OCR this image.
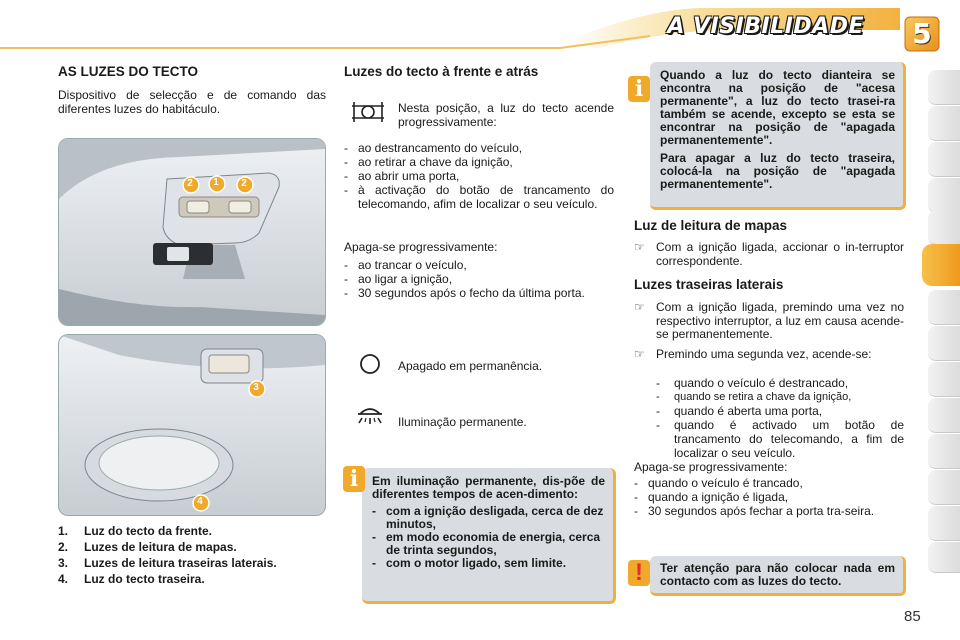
A VISIBILIDADE	5
AS LUZES DO TECTO

Dispositivo de selecção e de comando das diferentes luzes do habitáculo.

2 1 2
3
4
1.	Luz do tecto da frente.
2.	Luzes de leitura de mapas.
3.	Luzes de leitura traseiras laterais.
4.	Luz do tecto traseira.
Luzes do tecto à frente e atrás

Nesta posição, a luz do tecto acende progressivamente:

- ao destrancamento do veículo,
- ao retirar a chave da ignição,
- ao abrir uma porta,
- à activação do botão de trancamento do telecomando, afim de localizar o seu veículo.

Apaga-se progressivamente:

- ao trancar o veículo,
- ao ligar a ignição,
- 30 segundos após o fecho da última porta.

Apagado em permanência.

Iluminação permanente.

Em iluminação permanente, dis-põe de diferentes tempos de acen-dimento:

- com a ignição desligada, cerca de dez minutos,
- em modo economia de energia, cerca de trinta segundos,
- com o motor ligado, sem limite.
i

Quando a luz do tecto dianteira se encontra na posição de "acesa permanente", a luz do tecto trasei-ra também se acende, excepto se esta se encontrar na posição de "apagada permanentemente".

Para apagar a luz do tecto traseira, colocá-la na posição de "apagada permanentemente".

i
Luz de leitura de mapas
☞ Com a ignição ligada, accionar o in-terruptor correspondente.
Luzes traseiras laterais
☞ Com a ignição ligada, premindo uma vez no respectivo interruptor, a luz em causa acende-se permanentemente.
☞ Premindo uma segunda vez, acende-se:
- quando o veículo é destrancado,
- quando se retira a chave da ignição,
- quando é aberta uma porta,
- quando é activado um botão de trancamento do telecomando, a fim de localizar o seu veículo.

Apaga-se progressivamente:

- quando o veículo é trancado,
- quando a ignição é ligada,
- 30 segundos após fechar a porta tra-seira.

Ter atenção para não colocar nada em contacto com as luzes do tecto.

!
85
